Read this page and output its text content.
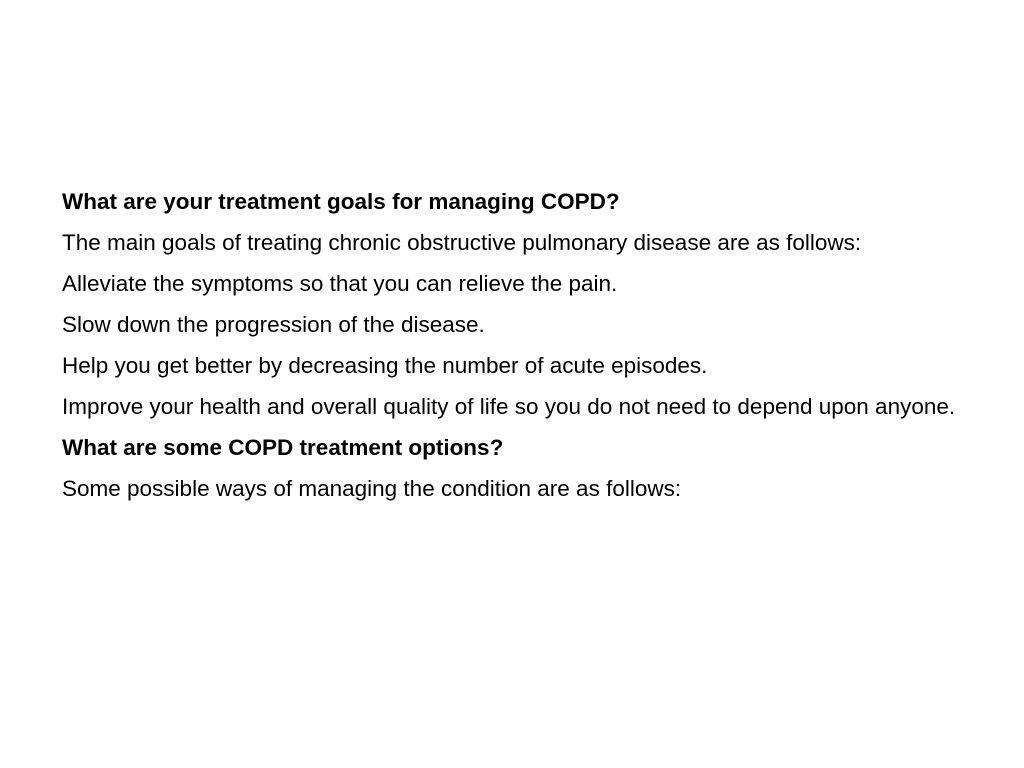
What are your treatment goals for managing COPD?

The main goals of treating chronic obstructive pulmonary disease are as follows:

Alleviate the symptoms so that you can relieve the pain.

Slow down the progression of the disease.

Help you get better by decreasing the number of acute episodes.

Improve your health and overall quality of life so you do not need to depend upon anyone.

What are some COPD treatment options?

Some possible ways of managing the condition are as follows:
